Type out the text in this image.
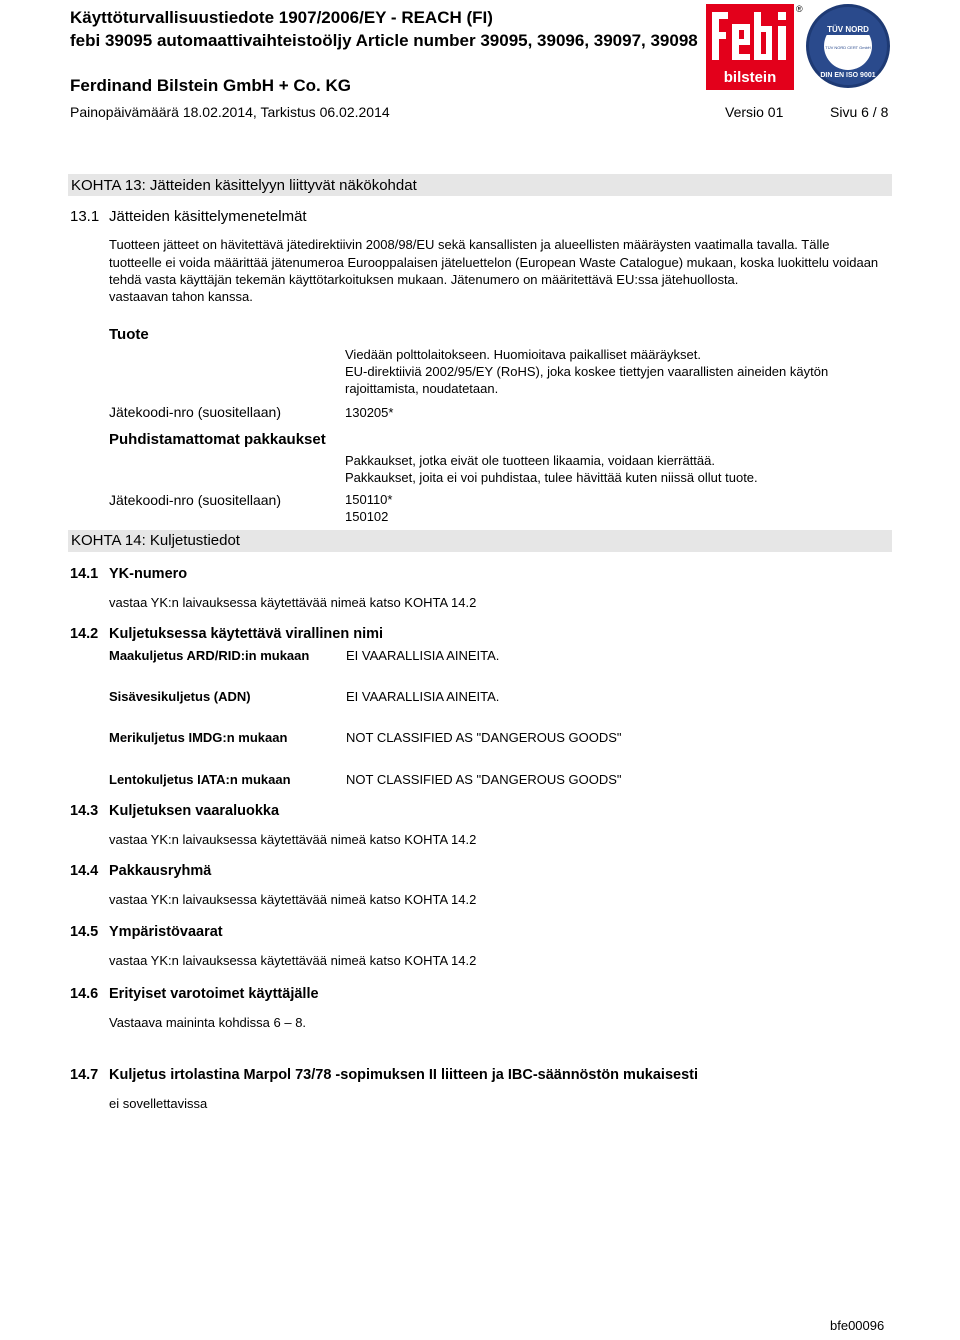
Käyttöturvallisuustiedote 1907/2006/EY - REACH (FI)
febi 39095 automaattivaihteistoöljy Article number 39095, 39096, 39097, 39098
Ferdinand Bilstein GmbH + Co. KG
Painopäivämäärä 18.02.2014, Tarkistus 06.02.2014	Versio 01	Sivu 6 / 8
bilstein
®
TÜV NORD
TÜV NORD CERT GmbH
DIN EN ISO 9001
KOHTA 13: Jätteiden käsittelyyn liittyvät näkökohdat
13.1 Jätteiden käsittelymenetelmät
Tuotteen jätteet on hävitettävä jätedirektiivin 2008/98/EU sekä kansallisten ja alueellisten määräysten vaatimalla tavalla. Tälle
tuotteelle ei voida määrittää jätenumeroa Eurooppalaisen jäteluettelon (European Waste Catalogue) mukaan, koska luokittelu voidaan
tehdä vasta käyttäjän tekemän käyttötarkoituksen mukaan. Jätenumero on määritettävä EU:ssa jätehuollosta.
vastaavan tahon kanssa.
Tuote
Viedään polttolaitokseen. Huomioitava paikalliset määräykset.
EU-direktiiviä 2002/95/EY (RoHS), joka koskee tiettyjen vaarallisten aineiden käytön
rajoittamista, noudatetaan.
Jätekoodi-nro (suositellaan)	130205*
Puhdistamattomat pakkaukset
Pakkaukset, jotka eivät ole tuotteen likaamia, voidaan kierrättää.
Pakkaukset, joita ei voi puhdistaa, tulee hävittää kuten niissä ollut tuote.
Jätekoodi-nro (suositellaan)	150110*
150102
KOHTA 14: Kuljetustiedot
14.1 YK-numero
vastaa YK:n laivauksessa käytettävää nimeä katso KOHTA 14.2
14.2 Kuljetuksessa käytettävä virallinen nimi
Maakuljetus ARD/RID:in mukaan	EI VAARALLISIA AINEITA.
Sisävesikuljetus (ADN)	EI VAARALLISIA AINEITA.
Merikuljetus IMDG:n mukaan	NOT CLASSIFIED AS "DANGEROUS GOODS"
Lentokuljetus IATA:n mukaan	NOT CLASSIFIED AS "DANGEROUS GOODS"
14.3 Kuljetuksen vaaraluokka
vastaa YK:n laivauksessa käytettävää nimeä katso KOHTA 14.2
14.4 Pakkausryhmä
vastaa YK:n laivauksessa käytettävää nimeä katso KOHTA 14.2
14.5 Ympäristövaarat
vastaa YK:n laivauksessa käytettävää nimeä katso KOHTA 14.2
14.6 Erityiset varotoimet käyttäjälle
Vastaava maininta kohdissa 6 – 8.
14.7 Kuljetus irtolastina Marpol 73/78 -sopimuksen II liitteen ja IBC-säännöstön mukaisesti
ei sovellettavissa
bfe00096
